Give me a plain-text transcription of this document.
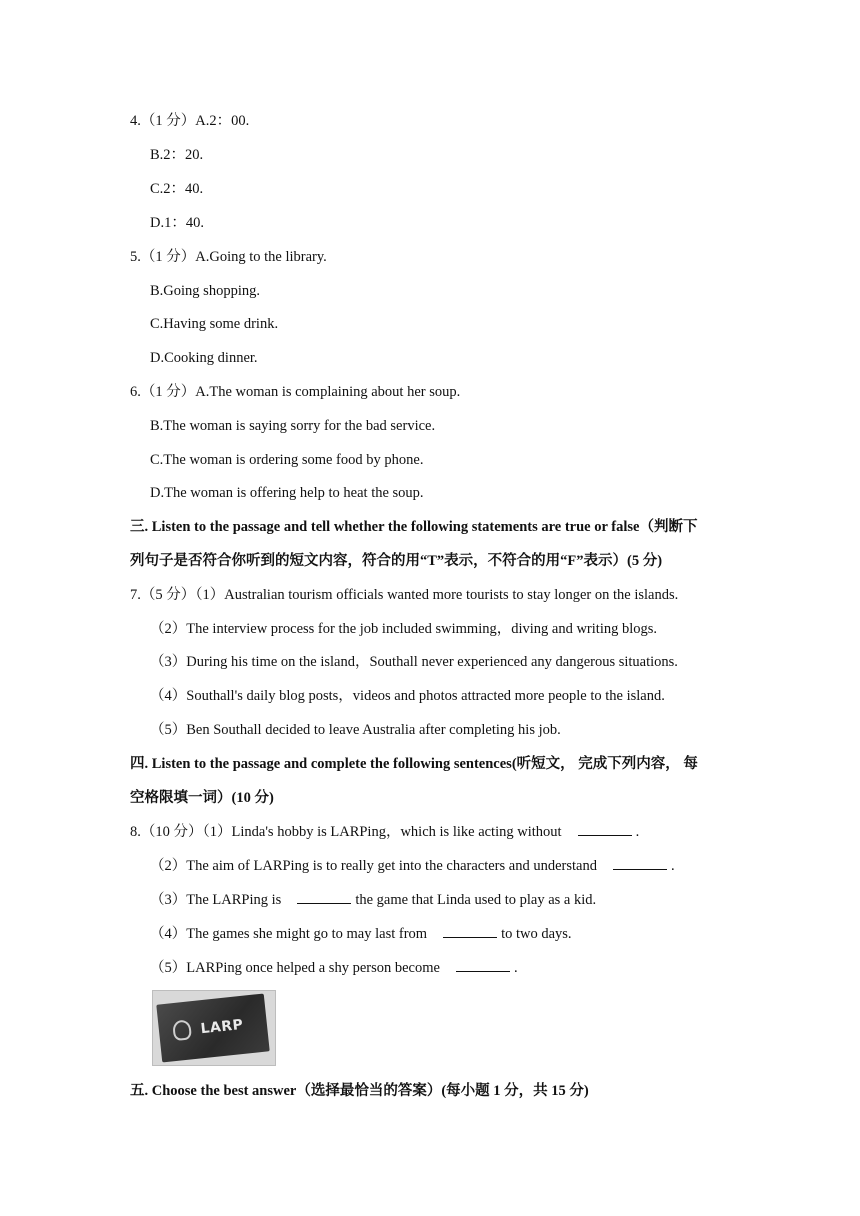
4.（1 分）A.2：00.
B.2：20.
C.2：40.
D.1：40.
5.（1 分）A.Going to the library.
B.Going shopping.
C.Having some drink.
D.Cooking dinner.
6.（1 分）A.The woman is complaining about her soup.
B.The woman is saying sorry for the bad service.
C.The woman is ordering some food by phone.
D.The woman is offering help to heat the soup.
三. Listen to the passage and tell whether the following statements are true or false（判断下
列句子是否符合你听到的短文内容，符合的用“T”表示，不符合的用“F”表示）(5 分)
7.（5 分）（1）Australian tourism officials wanted more tourists to stay longer on the islands.
（2）The interview process for the job included swimming，diving and writing blogs.
（3）During his time on the island，Southall never experienced any dangerous situations.
（4）Southall's daily blog posts，videos and photos attracted more people to the island.
（5）Ben Southall decided to leave Australia after completing his job.
四. Listen to the passage and complete the following sentences(听短文， 完成下列内容， 每
空格限填一词）(10 分)
8.（10 分）（1）Linda's hobby is LARPing，which is like acting without	.
（2）The aim of LARPing is to really get into the characters and understand	.
（3）The LARPing is	the game that Linda used to play as a kid.
（4）The games she might go to may last from	to two days.
（5）LARPing once helped a shy person become	.
LARP
五. Choose the best answer（选择最恰当的答案）(每小题 1 分，共 15 分)
